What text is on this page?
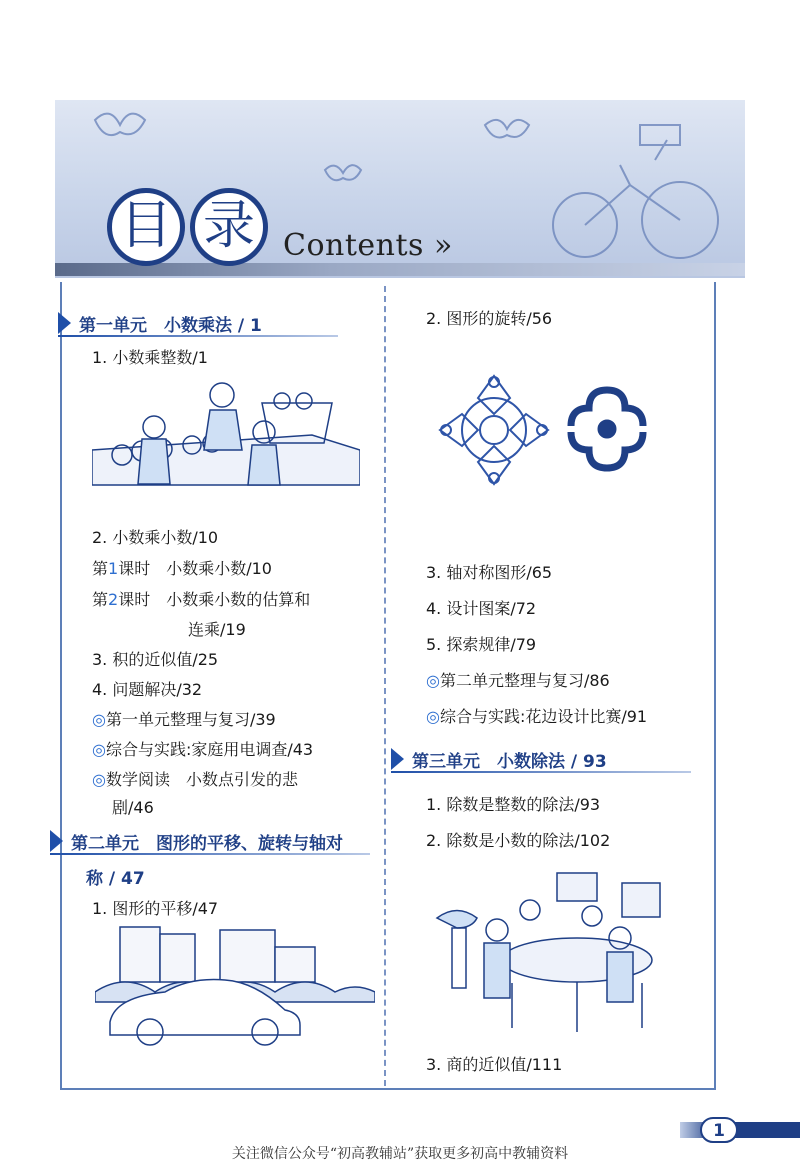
目 录 Contents »
第一单元　小数乘法 / 1
1. 小数乘整数/1
2. 小数乘小数/10
第1课时　小数乘小数/10
第2课时　小数乘小数的估算和
连乘/19
3. 积的近似值/25
4. 问题解决/32
◎第一单元整理与复习/39
◎综合与实践:家庭用电调查/43
◎数学阅读　小数点引发的悲
剧/46
第二单元　图形的平移、旋转与轴对
称 / 47
1. 图形的平移/47
2. 图形的旋转/56
3. 轴对称图形/65
4. 设计图案/72
5. 探索规律/79
◎第二单元整理与复习/86
◎综合与实践:花边设计比赛/91
第三单元　小数除法 / 93
1. 除数是整数的除法/93
2. 除数是小数的除法/102
3. 商的近似值/111
1
关注微信公众号“初高教辅站”获取更多初高中教辅资料
